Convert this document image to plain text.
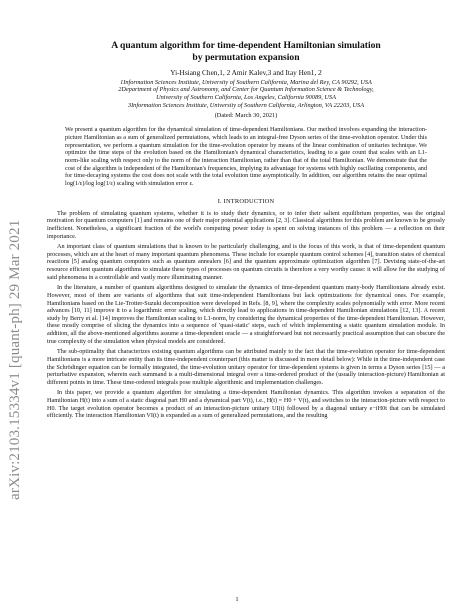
arXiv:2103.15334v1 [quant-ph] 29 Mar 2021
A quantum algorithm for time-dependent Hamiltonian simulation
by permutation expansion
Yi-Hsiang Chen,1, 2 Amir Kalev,3 and Itay Hen1, 2
1Information Sciences Institute, University of Southern California, Marina del Rey, CA 90292, USA
2Department of Physics and Astronomy, and Center for Quantum Information Science & Technology,
University of Southern California, Los Angeles, California 90089, USA
3Information Sciences Institute, University of Southern California, Arlington, VA 22203, USA
(Dated: March 30, 2021)
We present a quantum algorithm for the dynamical simulation of time-dependent Hamiltonians. Our method involves expanding the interaction-picture Hamiltonian as a sum of generalized permutations, which leads to an integral-free Dyson series of the time-evolution operator. Under this representation, we perform a quantum simulation for the time-evolution operator by means of the linear combination of unitaries technique. We optimize the time steps of the evolution based on the Hamiltonian's dynamical characteristics, leading to a gate count that scales with an L1-norm-like scaling with respect only to the norm of the interaction Hamiltonian, rather than that of the total Hamiltonian. We demonstrate that the cost of the algorithm is independent of the Hamiltonian's frequencies, implying its advantage for systems with highly oscillating components, and for time-decaying systems the cost does not scale with the total evolution time asymptotically. In addition, our algorithm retains the near optimal log(1/ε)/log log(1/ε) scaling with simulation error ε.
I. INTRODUCTION

The problem of simulating quantum systems, whether it is to study their dynamics, or to infer their salient equilibrium properties, was the original motivation for quantum computers [1] and remains one of their major potential applications [2, 3]. Classical algorithms for this problem are known to be grossly inefficient. Nonetheless, a significant fraction of the world's computing power today is spent on solving instances of this problem — a reflection on their importance.

An important class of quantum simulations that is known to be particularly challenging, and is the focus of this work, is that of time-dependent quantum processes, which are at the heart of many important quantum phenomena. These include for example quantum control schemes [4], transition states of chemical reactions [5] analog quantum computers such as quantum annealers [6] and the quantum approximate optimization algorithm [7]. Devising state-of-the-art resource efficient quantum algorithms to simulate these types of processes on quantum circuits is therefore a very worthy cause: it will allow for the studying of said phenomena in a controllable and vastly more illuminating manner.

In the literature, a number of quantum algorithms designed to simulate the dynamics of time-dependent quantum many-body Hamiltonians already exist. However, most of them are variants of algorithms that suit time-independent Hamiltonians but lack optimizations for dynamical ones. For example, Hamiltonians based on the Lie-Trotter-Suzuki decomposition were developed in Refs. [8, 9], where the complexity scales polynomially with error. More recent advances [10, 11] improve it to a logarithmic error scaling, which directly lead to applications in time-dependent Hamiltonian simulations [12, 13]. A recent study by Berry et al. [14] improves the Hamiltonian scaling to L1-norm, by considering the dynamical properties of the time-dependent Hamiltonian. However, these mostly comprise of slicing the dynamics into a sequence of 'quasi-static' steps, each of which implementing a static quantum simulation module. In addition, all the above-mentioned algorithms assume a time-dependent oracle — a straightforward but not necessarily practical assumption that can obscure the true complexity of the simulation when physical models are considered.

The sub-optimality that characterizes existing quantum algorithms can be attributed mainly to the fact that the time-evolution operator for time-dependent Hamiltonians is a more intricate entity than its time-independent counterpart (this matter is discussed in more detail below): While in the time-independent case the Schrödinger equation can be formally integrated, the time-evolution unitary operator for time-dependent systems is given in terms a Dyson series [15] — a perturbative expansion, wherein each summand is a multi-dimensional integral over a time-ordered product of the (usually interaction-picture) Hamiltonian at different points in time. These time-ordered integrals pose multiple algorithmic and implementation challenges.

In this paper, we provide a quantum algorithm for simulating a time-dependent Hamiltonian dynamics. This algorithm invokes a separation of the Hamiltonian H(t) into a sum of a static diagonal part H0 and a dynamical part V(t), i.e., H(t) = H0 + V(t), and switches to the interaction-picture with respect to H0. The target evolution operator becomes a product of an interaction-picture unitary UI(t) followed by a diagonal unitary e−iH0t that can be simulated efficiently. The interaction Hamiltonian VI(t) is expanded as a sum of generalized permutations, and the resulting

1
